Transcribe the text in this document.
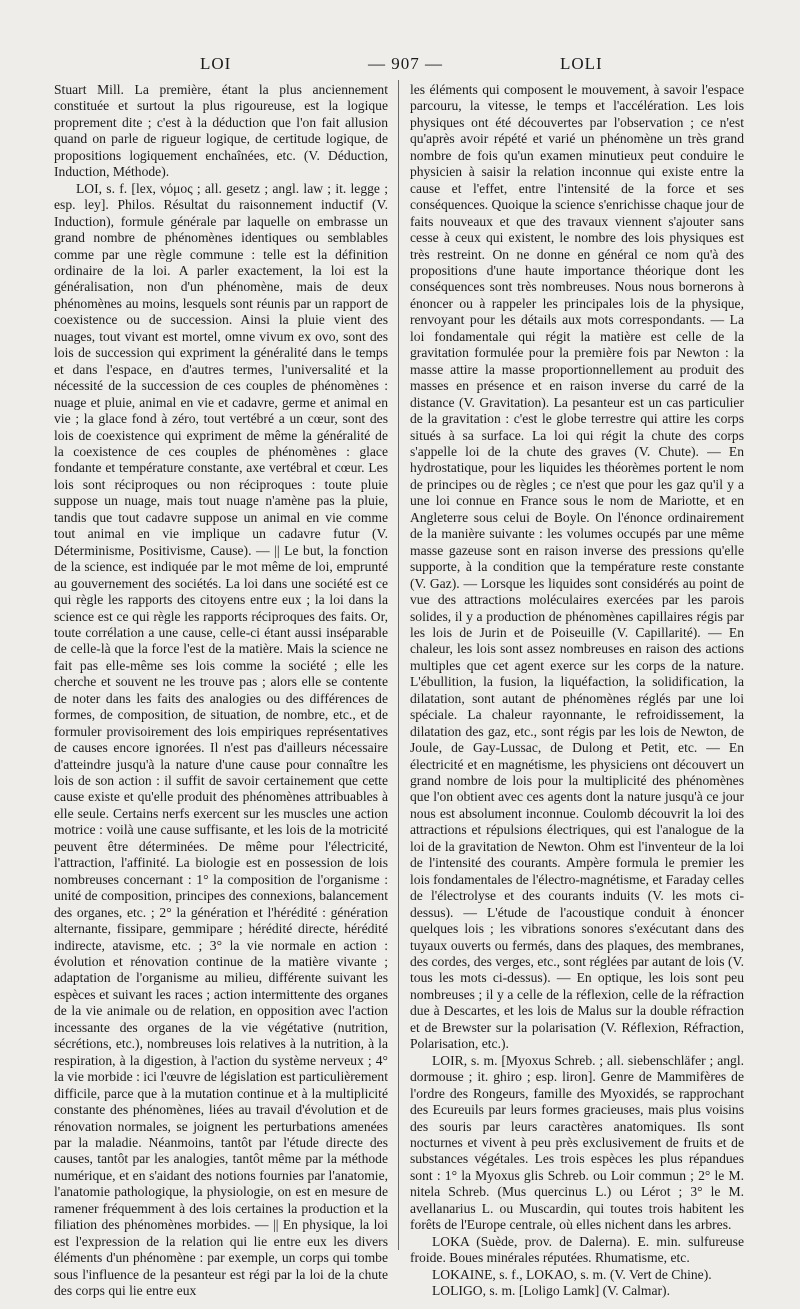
LOI	— 907 —	LOLI

Stuart Mill. La première, étant la plus anciennement constituée et surtout la plus rigoureuse, est la logique proprement dite ; c'est à la déduction que l'on fait allusion quand on parle de rigueur logique, de certitude logique, de propositions logiquement enchaînées, etc. (V. Déduction, Induction, Méthode).

LOI, s. f. [lex, νόμος ; all. gesetz ; angl. law ; it. legge ; esp. ley]. Philos. Résultat du raisonnement inductif (V. Induction), formule générale par laquelle on embrasse un grand nombre de phénomènes identiques ou semblables comme par une règle commune : telle est la définition ordinaire de la loi. A parler exactement, la loi est la généralisation, non d'un phénomène, mais de deux phénomènes au moins, lesquels sont réunis par un rapport de coexistence ou de succession. Ainsi la pluie vient des nuages, tout vivant est mortel, omne vivum ex ovo, sont des lois de succession qui expriment la généralité dans le temps et dans l'espace, en d'autres termes, l'universalité et la nécessité de la succession de ces couples de phénomènes : nuage et pluie, animal en vie et cadavre, germe et animal en vie ; la glace fond à zéro, tout vertébré a un cœur, sont des lois de coexistence qui expriment de même la généralité de la coexistence de ces couples de phénomènes : glace fondante et température constante, axe vertébral et cœur. Les lois sont réciproques ou non réciproques : toute pluie suppose un nuage, mais tout nuage n'amène pas la pluie, tandis que tout cadavre suppose un animal en vie comme tout animal en vie implique un cadavre futur (V. Déterminisme, Positivisme, Cause). — || Le but, la fonction de la science, est indiquée par le mot même de loi, emprunté au gouvernement des sociétés. La loi dans une société est ce qui règle les rapports des citoyens entre eux ; la loi dans la science est ce qui règle les rapports réciproques des faits. Or, toute corrélation a une cause, celle-ci étant aussi inséparable de celle-là que la force l'est de la matière. Mais la science ne fait pas elle-même ses lois comme la société ; elle les cherche et souvent ne les trouve pas ; alors elle se contente de noter dans les faits des analogies ou des différences de formes, de composition, de situation, de nombre, etc., et de formuler provisoirement des lois empiriques représentatives de causes encore ignorées. Il n'est pas d'ailleurs nécessaire d'atteindre jusqu'à la nature d'une cause pour connaître les lois de son action : il suffit de savoir certainement que cette cause existe et qu'elle produit des phénomènes attribuables à elle seule. Certains nerfs exercent sur les muscles une action motrice : voilà une cause suffisante, et les lois de la motricité peuvent être déterminées. De même pour l'électricité, l'attraction, l'affinité. La biologie est en possession de lois nombreuses concernant : 1° la composition de l'organisme : unité de composition, principes des connexions, balancement des organes, etc. ; 2° la génération et l'hérédité : génération alternante, fissipare, gemmipare ; hérédité directe, hérédité indirecte, atavisme, etc. ; 3° la vie normale en action : évolution et rénovation continue de la matière vivante ; adaptation de l'organisme au milieu, différente suivant les espèces et suivant les races ; action intermittente des organes de la vie animale ou de relation, en opposition avec l'action incessante des organes de la vie végétative (nutrition, sécrétions, etc.), nombreuses lois relatives à la nutrition, à la respiration, à la digestion, à l'action du système nerveux ; 4° la vie morbide : ici l'œuvre de législation est particulièrement difficile, parce que à la mutation continue et à la multiplicité constante des phénomènes, liées au travail d'évolution et de rénovation normales, se joignent les perturbations amenées par la maladie. Néanmoins, tantôt par l'étude directe des causes, tantôt par les analogies, tantôt même par la méthode numérique, et en s'aidant des notions fournies par l'anatomie, l'anatomie pathologique, la physiologie, on est en mesure de ramener fréquemment à des lois certaines la production et la filiation des phénomènes morbides. — || En physique, la loi est l'expression de la relation qui lie entre eux les divers éléments d'un phénomène : par exemple, un corps qui tombe sous l'influence de la pesanteur est régi par la loi de la chute des corps qui lie entre eux

les éléments qui composent le mouvement, à savoir l'espace parcouru, la vitesse, le temps et l'accélération. Les lois physiques ont été découvertes par l'observation ; ce n'est qu'après avoir répété et varié un phénomène un très grand nombre de fois qu'un examen minutieux peut conduire le physicien à saisir la relation inconnue qui existe entre la cause et l'effet, entre l'intensité de la force et ses conséquences. Quoique la science s'enrichisse chaque jour de faits nouveaux et que des travaux viennent s'ajouter sans cesse à ceux qui existent, le nombre des lois physiques est très restreint. On ne donne en général ce nom qu'à des propositions d'une haute importance théorique dont les conséquences sont très nombreuses. Nous nous bornerons à énoncer ou à rappeler les principales lois de la physique, renvoyant pour les détails aux mots correspondants. — La loi fondamentale qui régit la matière est celle de la gravitation formulée pour la première fois par Newton : la masse attire la masse proportionnellement au produit des masses en présence et en raison inverse du carré de la distance (V. Gravitation). La pesanteur est un cas particulier de la gravitation : c'est le globe terrestre qui attire les corps situés à sa surface. La loi qui régit la chute des corps s'appelle loi de la chute des graves (V. Chute). — En hydrostatique, pour les liquides les théorèmes portent le nom de principes ou de règles ; ce n'est que pour les gaz qu'il y a une loi connue en France sous le nom de Mariotte, et en Angleterre sous celui de Boyle. On l'énonce ordinairement de la manière suivante : les volumes occupés par une même masse gazeuse sont en raison inverse des pressions qu'elle supporte, à la condition que la température reste constante (V. Gaz). — Lorsque les liquides sont considérés au point de vue des attractions moléculaires exercées par les parois solides, il y a production de phénomènes capillaires régis par les lois de Jurin et de Poiseuille (V. Capillarité). — En chaleur, les lois sont assez nombreuses en raison des actions multiples que cet agent exerce sur les corps de la nature. L'ébullition, la fusion, la liquéfaction, la solidification, la dilatation, sont autant de phénomènes réglés par une loi spéciale. La chaleur rayonnante, le refroidissement, la dilatation des gaz, etc., sont régis par les lois de Newton, de Joule, de Gay-Lussac, de Dulong et Petit, etc. — En électricité et en magnétisme, les physiciens ont découvert un grand nombre de lois pour la multiplicité des phénomènes que l'on obtient avec ces agents dont la nature jusqu'à ce jour nous est absolument inconnue. Coulomb découvrit la loi des attractions et répulsions électriques, qui est l'analogue de la loi de la gravitation de Newton. Ohm est l'inventeur de la loi de l'intensité des courants. Ampère formula le premier les lois fondamentales de l'électro-magnétisme, et Faraday celles de l'électrolyse et des courants induits (V. les mots ci-dessus). — L'étude de l'acoustique conduit à énoncer quelques lois ; les vibrations sonores s'exécutant dans des tuyaux ouverts ou fermés, dans des plaques, des membranes, des cordes, des verges, etc., sont réglées par autant de lois (V. tous les mots ci-dessus). — En optique, les lois sont peu nombreuses ; il y a celle de la réflexion, celle de la réfraction due à Descartes, et les lois de Malus sur la double réfraction et de Brewster sur la polarisation (V. Réflexion, Réfraction, Polarisation, etc.).

LOIR, s. m. [Myoxus Schreb. ; all. siebenschläfer ; angl. dormouse ; it. ghiro ; esp. liron]. Genre de Mammifères de l'ordre des Rongeurs, famille des Myoxidés, se rapprochant des Ecureuils par leurs formes gracieuses, mais plus voisins des souris par leurs caractères anatomiques. Ils sont nocturnes et vivent à peu près exclusivement de fruits et de substances végétales. Les trois espèces les plus répandues sont : 1° la Myoxus glis Schreb. ou Loir commun ; 2° le M. nitela Schreb. (Mus quercinus L.) ou Lérot ; 3° le M. avellanarius L. ou Muscardin, qui toutes trois habitent les forêts de l'Europe centrale, où elles nichent dans les arbres.

LOKA (Suède, prov. de Dalerna). E. min. sulfureuse froide. Boues minérales réputées. Rhumatisme, etc.

LOKAINE, s. f., LOKAO, s. m. (V. Vert de Chine).

LOLIGO, s. m. [Loligo Lamk] (V. Calmar).
